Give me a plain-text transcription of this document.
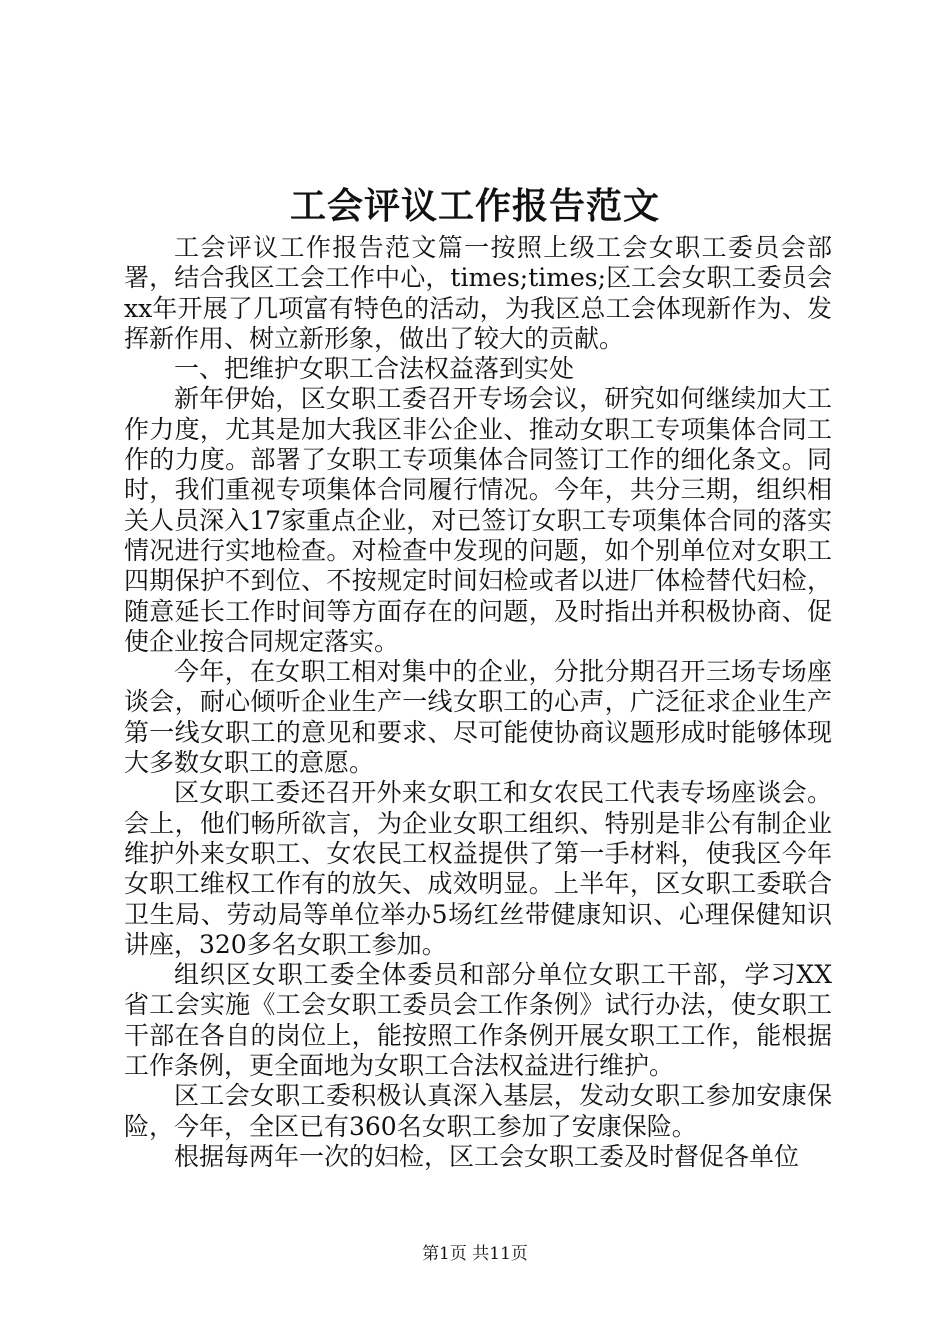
工会评议工作报告范文

工会评议工作报告范文篇一按照上级工会女职工委员会部署，结合我区工会工作中心，times;times;区工会女职工委员会xx年开展了几项富有特色的活动，为我区总工会体现新作为、发挥新作用、树立新形象，做出了较大的贡献。

一、把维护女职工合法权益落到实处

新年伊始，区女职工委召开专场会议，研究如何继续加大工作力度，尤其是加大我区非公企业、推动女职工专项集体合同工作的力度。部署了女职工专项集体合同签订工作的细化条文。同时，我们重视专项集体合同履行情况。今年，共分三期，组织相关人员深入17家重点企业，对已签订女职工专项集体合同的落实情况进行实地检查。对检查中发现的问题，如个别单位对女职工四期保护不到位、不按规定时间妇检或者以进厂体检替代妇检，随意延长工作时间等方面存在的问题，及时指出并积极协商、促使企业按合同规定落实。

今年，在女职工相对集中的企业，分批分期召开三场专场座谈会，耐心倾听企业生产一线女职工的心声，广泛征求企业生产第一线女职工的意见和要求、尽可能使协商议题形成时能够体现大多数女职工的意愿。

区女职工委还召开外来女职工和女农民工代表专场座谈会。会上，他们畅所欲言，为企业女职工组织、特别是非公有制企业维护外来女职工、女农民工权益提供了第一手材料，使我区今年女职工维权工作有的放矢、成效明显。上半年，区女职工委联合卫生局、劳动局等单位举办5场红丝带健康知识、心理保健知识讲座，320多名女职工参加。

组织区女职工委全体委员和部分单位女职工干部，学习XX省工会实施《工会女职工委员会工作条例》试行办法，使女职工干部在各自的岗位上，能按照工作条例开展女职工工作，能根据工作条例，更全面地为女职工合法权益进行维护。

区工会女职工委积极认真深入基层，发动女职工参加安康保险，今年，全区已有360名女职工参加了安康保险。

根据每两年一次的妇检，区工会女职工委及时督促各单位

第1页 共11页
